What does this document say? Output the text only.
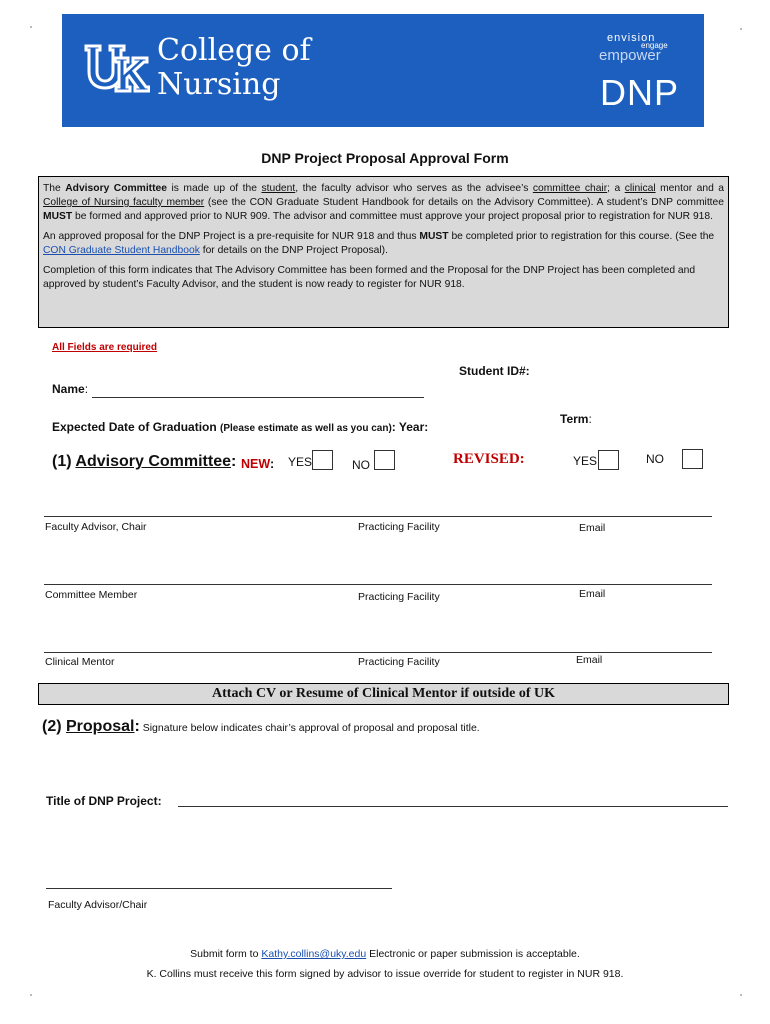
College of
Nursing
envision
engage
empower
DNP
DNP Project Proposal Approval Form

The Advisory Committee is made up of the student, the faculty advisor who serves as the advisee’s committee chair; a clinical mentor and a College of Nursing faculty member (see the CON Graduate Student Handbook for details on the Advisory Committee). A student’s DNP committee MUST be formed and approved prior to NUR 909. The advisor and committee must approve your project proposal prior to registration for NUR 918.

An approved proposal for the DNP Project is a pre-requisite for NUR 918 and thus MUST be completed prior to registration for this course. (See the CON Graduate Student Handbook for details on the DNP Project Proposal).

Completion of this form indicates that The Advisory Committee has been formed and the Proposal for the DNP Project has been completed and approved by student’s Faculty Advisor, and the student is now ready to register for NUR 918.

All Fields are required
Student ID#:
Name:
Expected Date of Graduation (Please estimate as well as you can): Year:
Term:
(1) Advisory Committee: NEW: YES	NO	REVISED:	YES	NO
Faculty Advisor, Chair	Practicing Facility	Email
Committee Member	Practicing Facility	Email
Clinical Mentor	Practicing Facility	Email
Attach CV or Resume of Clinical Mentor if outside of UK
(2) Proposal: Signature below indicates chair’s approval of proposal and proposal title.
Title of DNP Project:
Faculty Advisor/Chair
Submit form to Kathy.collins@uky.edu Electronic or paper submission is acceptable.
K. Collins must receive this form signed by advisor to issue override for student to register in NUR 918.
